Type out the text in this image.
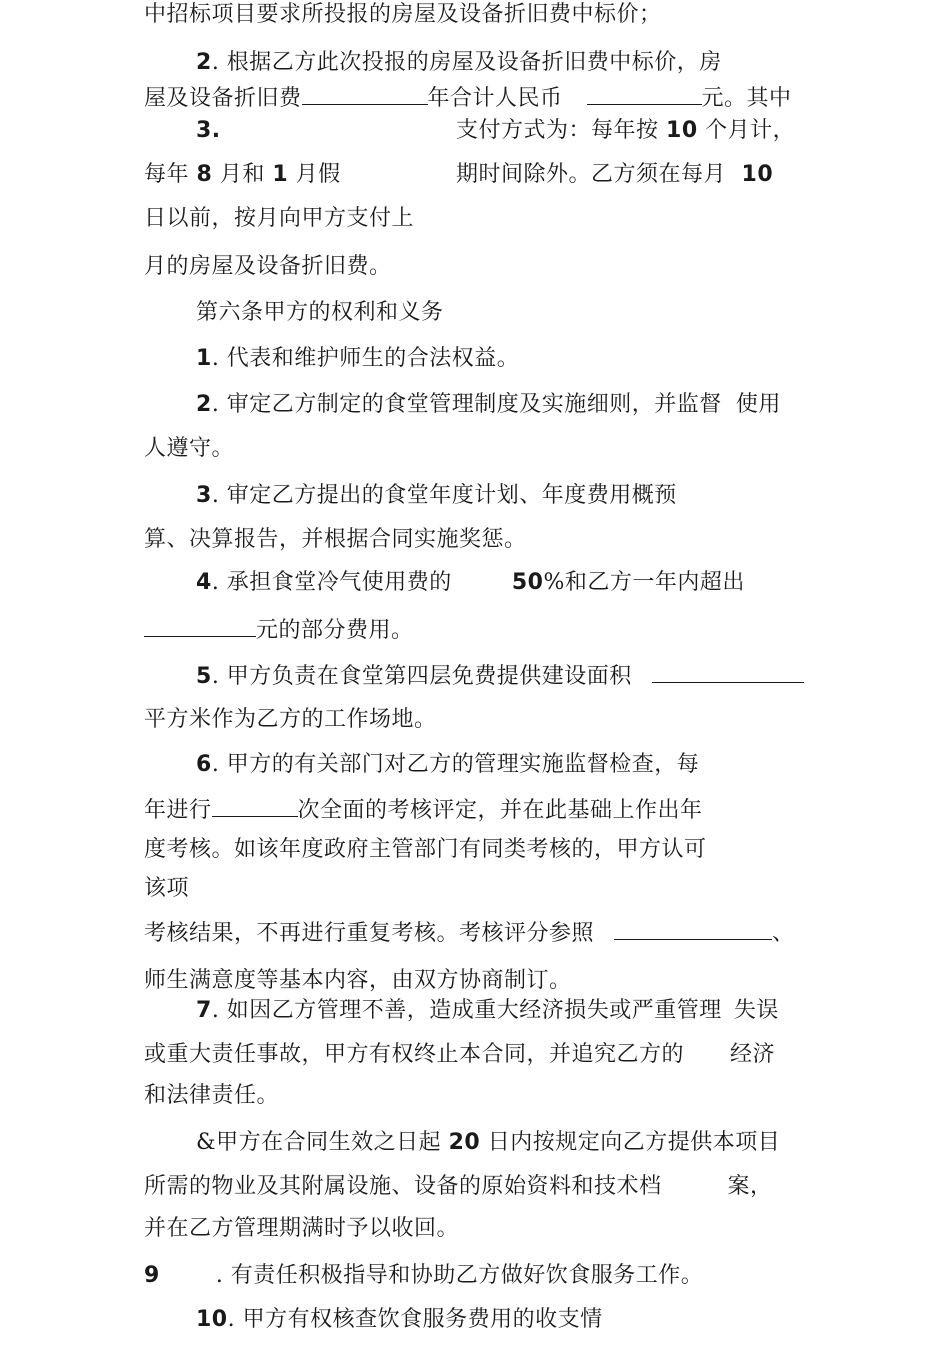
中招标项目要求所投报的房屋及设备折旧费中标价；
2. 根据乙方此次投报的房屋及设备折旧费中标价，房
屋及设备折旧费	年合计人民币	元。其中
3.	支付方式为：每年按 10 个月计，
每年 8 月和 1 月假	期时间除外。乙方须在每月 10
日以前，按月向甲方支付上
月的房屋及设备折旧费。
第六条甲方的权利和义务
1. 代表和维护师生的合法权益。
2. 审定乙方制定的食堂管理制度及实施细则，并监督 使用
人遵守。
3. 审定乙方提出的食堂年度计划、年度费用概预
算、决算报告，并根据合同实施奖惩。
4. 承担食堂冷气使用费的	50%和乙方一年内超出
元的部分费用。
5. 甲方负责在食堂第四层免费提供建设面积
平方米作为乙方的工作场地。
6. 甲方的有关部门对乙方的管理实施监督检查，每
年进行	次全面的考核评定，并在此基础上作出年
度考核。如该年度政府主管部门有同类考核的，甲方认可
该项
考核结果，不再进行重复考核。考核评分参照	、
师生满意度等基本内容，由双方协商制订。
7. 如因乙方管理不善，造成重大经济损失或严重管理 失误
或重大责任事故，甲方有权终止本合同，并追究乙方的 经济
和法律责任。
&甲方在合同生效之日起 20 日内按规定向乙方提供本项目
所需的物业及其附属设施、设备的原始资料和技术档	案，
并在乙方管理期满时予以收回。
9	. 有责任积极指导和协助乙方做好饮食服务工作。
10. 甲方有权核查饮食服务费用的收支情
